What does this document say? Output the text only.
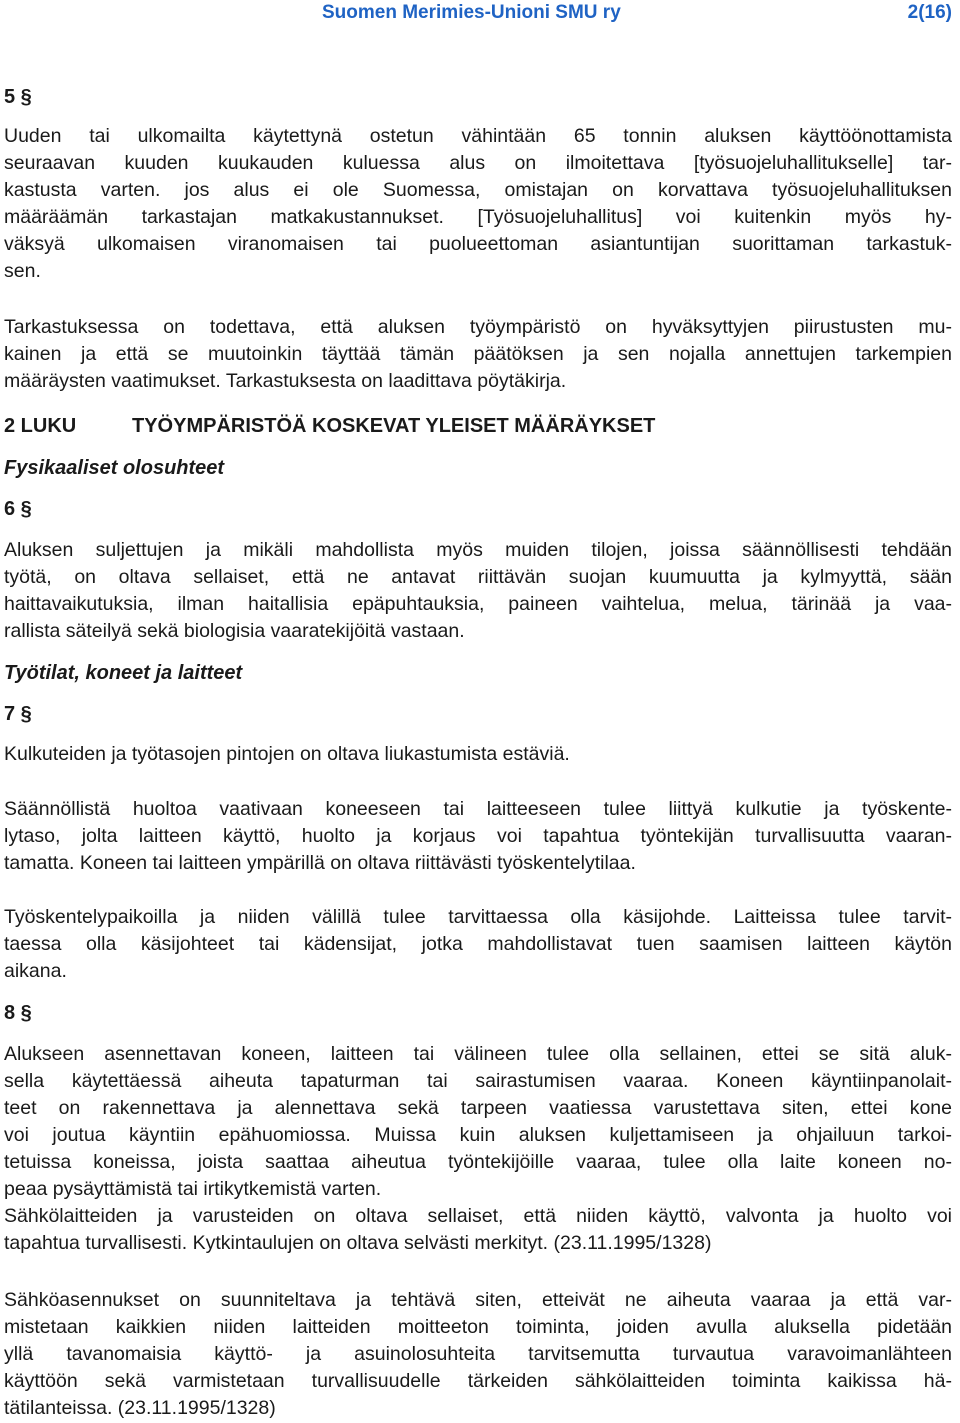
Suomen Merimies-Unioni SMU ry	2(16)
5 §
Uuden tai ulkomailta käytettynä ostetun vähintään 65 tonnin aluksen käyttöönottamista
seuraavan kuuden kuukauden kuluessa alus on ilmoitettava [työsuojeluhallitukselle] tar-
kastusta varten. jos alus ei ole Suomessa, omistajan on korvattava työsuojeluhallituksen
määräämän tarkastajan matkakustannukset. [Työsuojeluhallitus] voi kuitenkin myös hy-
väksyä ulkomaisen viranomaisen tai puolueettoman asiantuntijan suorittaman tarkastuk-
sen.
Tarkastuksessa on todettava, että aluksen työympäristö on hyväksyttyjen piirustusten mu-
kainen ja että se muutoinkin täyttää tämän päätöksen ja sen nojalla annettujen tarkempien
määräysten vaatimukset. Tarkastuksesta on laadittava pöytäkirja.
2 LUKU	TYÖYMPÄRISTÖÄ KOSKEVAT YLEISET MÄÄRÄYKSET
Fysikaaliset olosuhteet
6 §
Aluksen suljettujen ja mikäli mahdollista myös muiden tilojen, joissa säännöllisesti tehdään
työtä, on oltava sellaiset, että ne antavat riittävän suojan kuumuutta ja kylmyyttä, sään
haittavaikutuksia, ilman haitallisia epäpuhtauksia, paineen vaihtelua, melua, tärinää ja vaa-
rallista säteilyä sekä biologisia vaaratekijöitä vastaan.
Työtilat, koneet ja laitteet
7 §
Kulkuteiden ja työtasojen pintojen on oltava liukastumista estäviä.
Säännöllistä huoltoa vaativaan koneeseen tai laitteeseen tulee liittyä kulkutie ja työskente-
lytaso, jolta laitteen käyttö, huolto ja korjaus voi tapahtua työntekijän turvallisuutta vaaran-
tamatta. Koneen tai laitteen ympärillä on oltava riittävästi työskentelytilaa.
Työskentelypaikoilla ja niiden välillä tulee tarvittaessa olla käsijohde. Laitteissa tulee tarvit-
taessa olla käsijohteet tai kädensijat, jotka mahdollistavat tuen saamisen laitteen käytön
aikana.
8 §
Alukseen asennettavan koneen, laitteen tai välineen tulee olla sellainen, ettei se sitä aluk-
sella käytettäessä aiheuta tapaturman tai sairastumisen vaaraa. Koneen käyntiinpanolait-
teet on rakennettava ja alennettava sekä tarpeen vaatiessa varustettava siten, ettei kone
voi joutua käyntiin epähuomiossa. Muissa kuin aluksen kuljettamiseen ja ohjailuun tarkoi-
tetuissa koneissa, joista saattaa aiheutua työntekijöille vaaraa, tulee olla laite koneen no-
peaa pysäyttämistä tai irtikytkemistä varten.
Sähkölaitteiden ja varusteiden on oltava sellaiset, että niiden käyttö, valvonta ja huolto voi
tapahtua turvallisesti. Kytkintaulujen on oltava selvästi merkityt. (23.11.1995/1328)
Sähköasennukset on suunniteltava ja tehtävä siten, etteivät ne aiheuta vaaraa ja että var-
mistetaan kaikkien niiden laitteiden moitteeton toiminta, joiden avulla aluksella pidetään
yllä tavanomaisia käyttö- ja asuinolosuhteita tarvitsemutta turvautua varavoimanlähteen
käyttöön sekä varmistetaan turvallisuudelle tärkeiden sähkölaitteiden toiminta kaikissa hä-
tätilanteissa. (23.11.1995/1328)
